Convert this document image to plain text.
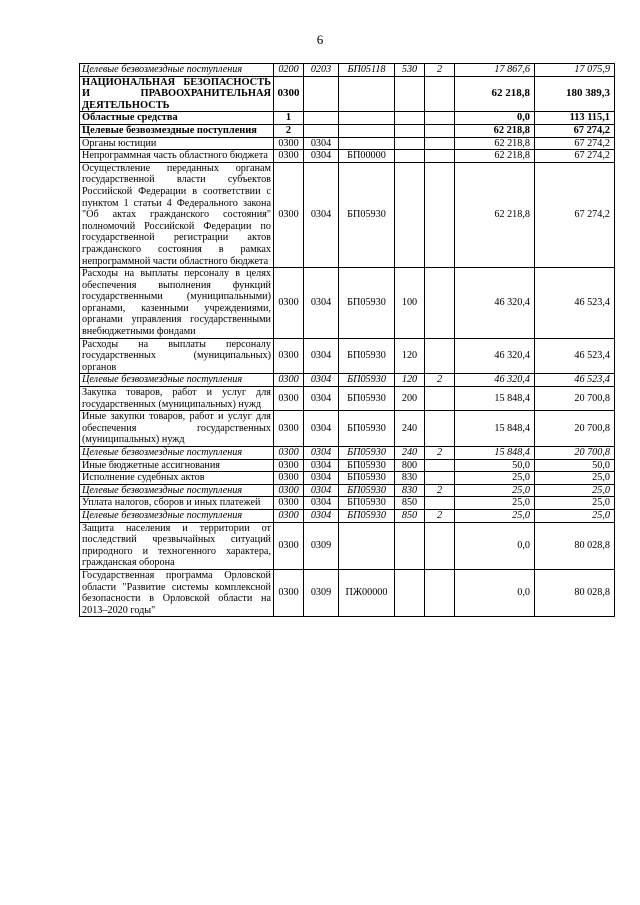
6
Целевые безвозмездные поступления	0200	0203	БП05118	530	2	17 867,6	17 075,9
НАЦИОНАЛЬНАЯ БЕЗОПАСНОСТЬ И ПРАВООХРАНИТЕЛЬНАЯ ДЕЯТЕЛЬНОСТЬ	0300					62 218,8	180 389,3
Областные средства	1					0,0	113 115,1
Целевые безвозмездные поступления	2					62 218,8	67 274,2
Органы юстиции	0300	0304				62 218,8	67 274,2
Непрограммная часть областного бюджета	0300	0304	БП00000			62 218,8	67 274,2
Осуществление переданных органам государственной власти субъектов Российской Федерации в соответствии с пунктом 1 статьи 4 Федерального закона "Об актах гражданского состояния" полномочий Российской Федерации по государственной регистрации актов гражданского состояния в рамках непрограммной части областного бюджета	0300	0304	БП05930			62 218,8	67 274,2
Расходы на выплаты персоналу в целях обеспечения выполнения функций государственными (муниципальными) органами, казенными учреждениями, органами управления государственными внебюджетными фондами	0300	0304	БП05930	100		46 320,4	46 523,4
Расходы на выплаты персоналу государственных (муниципальных) органов	0300	0304	БП05930	120		46 320,4	46 523,4
Целевые безвозмездные поступления	0300	0304	БП05930	120	2	46 320,4	46 523,4
Закупка товаров, работ и услуг для государственных (муниципальных) нужд	0300	0304	БП05930	200		15 848,4	20 700,8
Иные закупки товаров, работ и услуг для обеспечения государственных (муниципальных) нужд	0300	0304	БП05930	240		15 848,4	20 700,8
Целевые безвозмездные поступления	0300	0304	БП05930	240	2	15 848,4	20 700,8
Иные бюджетные ассигнования	0300	0304	БП05930	800		50,0	50,0
Исполнение судебных актов	0300	0304	БП05930	830		25,0	25,0
Целевые безвозмездные поступления	0300	0304	БП05930	830	2	25,0	25,0
Уплата налогов, сборов и иных платежей	0300	0304	БП05930	850		25,0	25,0
Целевые безвозмездные поступления	0300	0304	БП05930	850	2	25,0	25,0
Защита населения и территории от последствий чрезвычайных ситуаций природного и техногенного характера, гражданская оборона	0300	0309				0,0	80 028,8
Государственная программа Орловской области "Развитие системы комплексной безопасности в Орловской области на 2013–2020 годы"	0300	0309	ПЖ00000			0,0	80 028,8
